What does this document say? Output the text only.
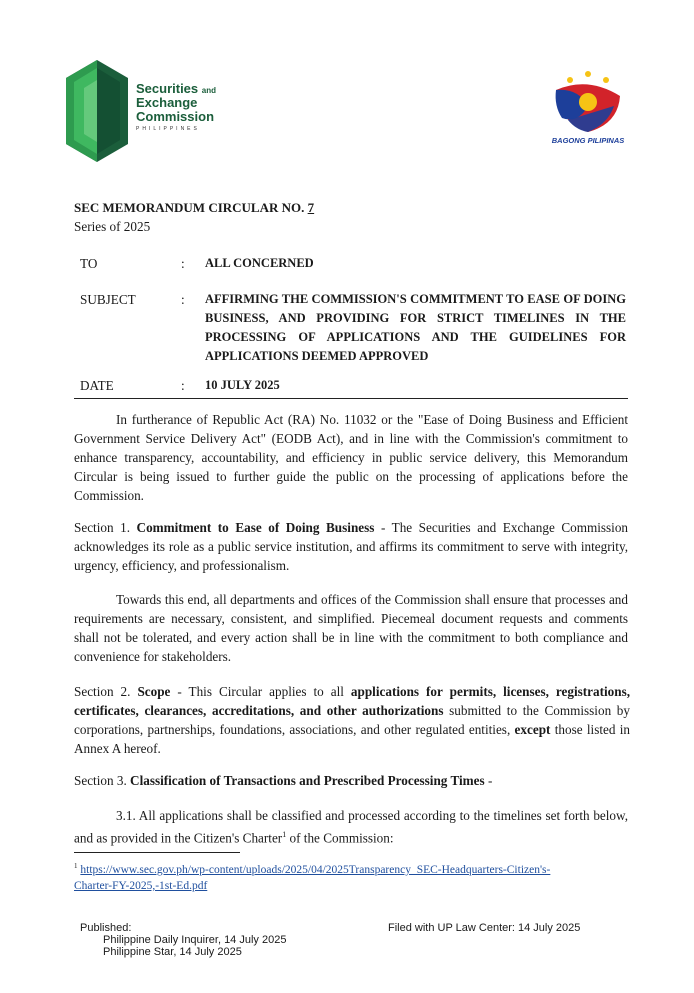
Securities and
Exchange
Commission
PHILIPPINES
BAGONG PILIPINAS
SEC MEMORANDUM CIRCULAR NO. 7
Series of 2025
TO	: ALL CONCERNED
SUBJECT	: AFFIRMING THE COMMISSION'S COMMITMENT TO EASE OF DOING
BUSINESS, AND PROVIDING FOR STRICT TIMELINES IN THE
PROCESSING OF APPLICATIONS AND THE GUIDELINES FOR
APPLICATIONS DEEMED APPROVED
DATE	: 10 JULY 2025
In furtherance of Republic Act (RA) No. 11032 or the "Ease of Doing Business and Efficient Government Service Delivery Act" (EODB Act), and in line with the Commission's commitment to enhance transparency, accountability, and efficiency in public service delivery, this Memorandum Circular is being issued to further guide the public on the processing of applications before the Commission.
Section 1. Commitment to Ease of Doing Business - The Securities and Exchange Commission acknowledges its role as a public service institution, and affirms its commitment to serve with integrity, urgency, efficiency, and professionalism.
Towards this end, all departments and offices of the Commission shall ensure that processes and requirements are necessary, consistent, and simplified. Piecemeal document requests and comments shall not be tolerated, and every action shall be in line with the commitment to both compliance and convenience for stakeholders.
Section 2. Scope - This Circular applies to all applications for permits, licenses, registrations, certificates, clearances, accreditations, and other authorizations submitted to the Commission by corporations, partnerships, foundations, associations, and other regulated entities, except those listed in Annex A hereof.
Section 3. Classification of Transactions and Prescribed Processing Times -
3.1. All applications shall be classified and processed according to the timelines set forth below, and as provided in the Citizen's Charter$^1$ of the Commission:
$^1$ https://www.sec.gov.ph/wp-content/uploads/2025/04/2025Transparency_SEC-Headquarters-Citizen's-
Charter-FY-2025,-1st-Ed.pdf
Published:
Philippine Daily Inquirer, 14 July 2025
Philippine Star, 14 July 2025
Filed with UP Law Center: 14 July 2025
